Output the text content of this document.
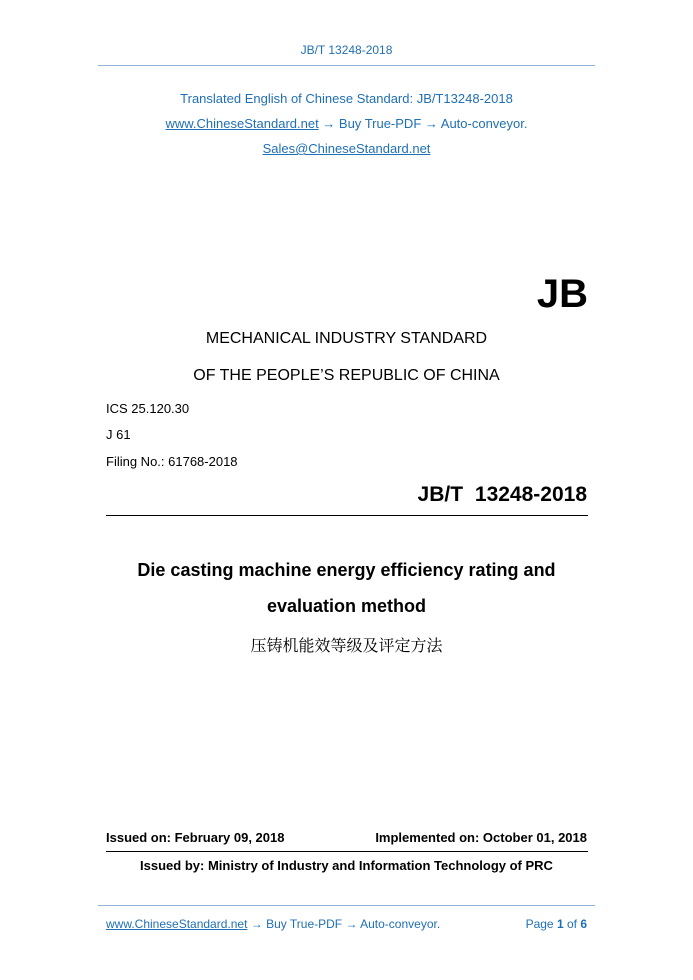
JB/T 13248-2018
Translated English of Chinese Standard: JB/T13248-2018
www.ChineseStandard.net → Buy True-PDF → Auto-conveyor.
Sales@ChineseStandard.net
JB
MECHANICAL INDUSTRY STANDARD
OF THE PEOPLE’S REPUBLIC OF CHINA
ICS 25.120.30
J 61
Filing No.: 61768-2018
JB/T 13248-2018
Die casting machine energy efficiency rating and
evaluation method
压铸机能效等级及评定方法
Issued on: February 09, 2018	Implemented on: October 01, 2018
Issued by: Ministry of Industry and Information Technology of PRC
www.ChineseStandard.net → Buy True-PDF → Auto-conveyor.	Page 1 of 6
